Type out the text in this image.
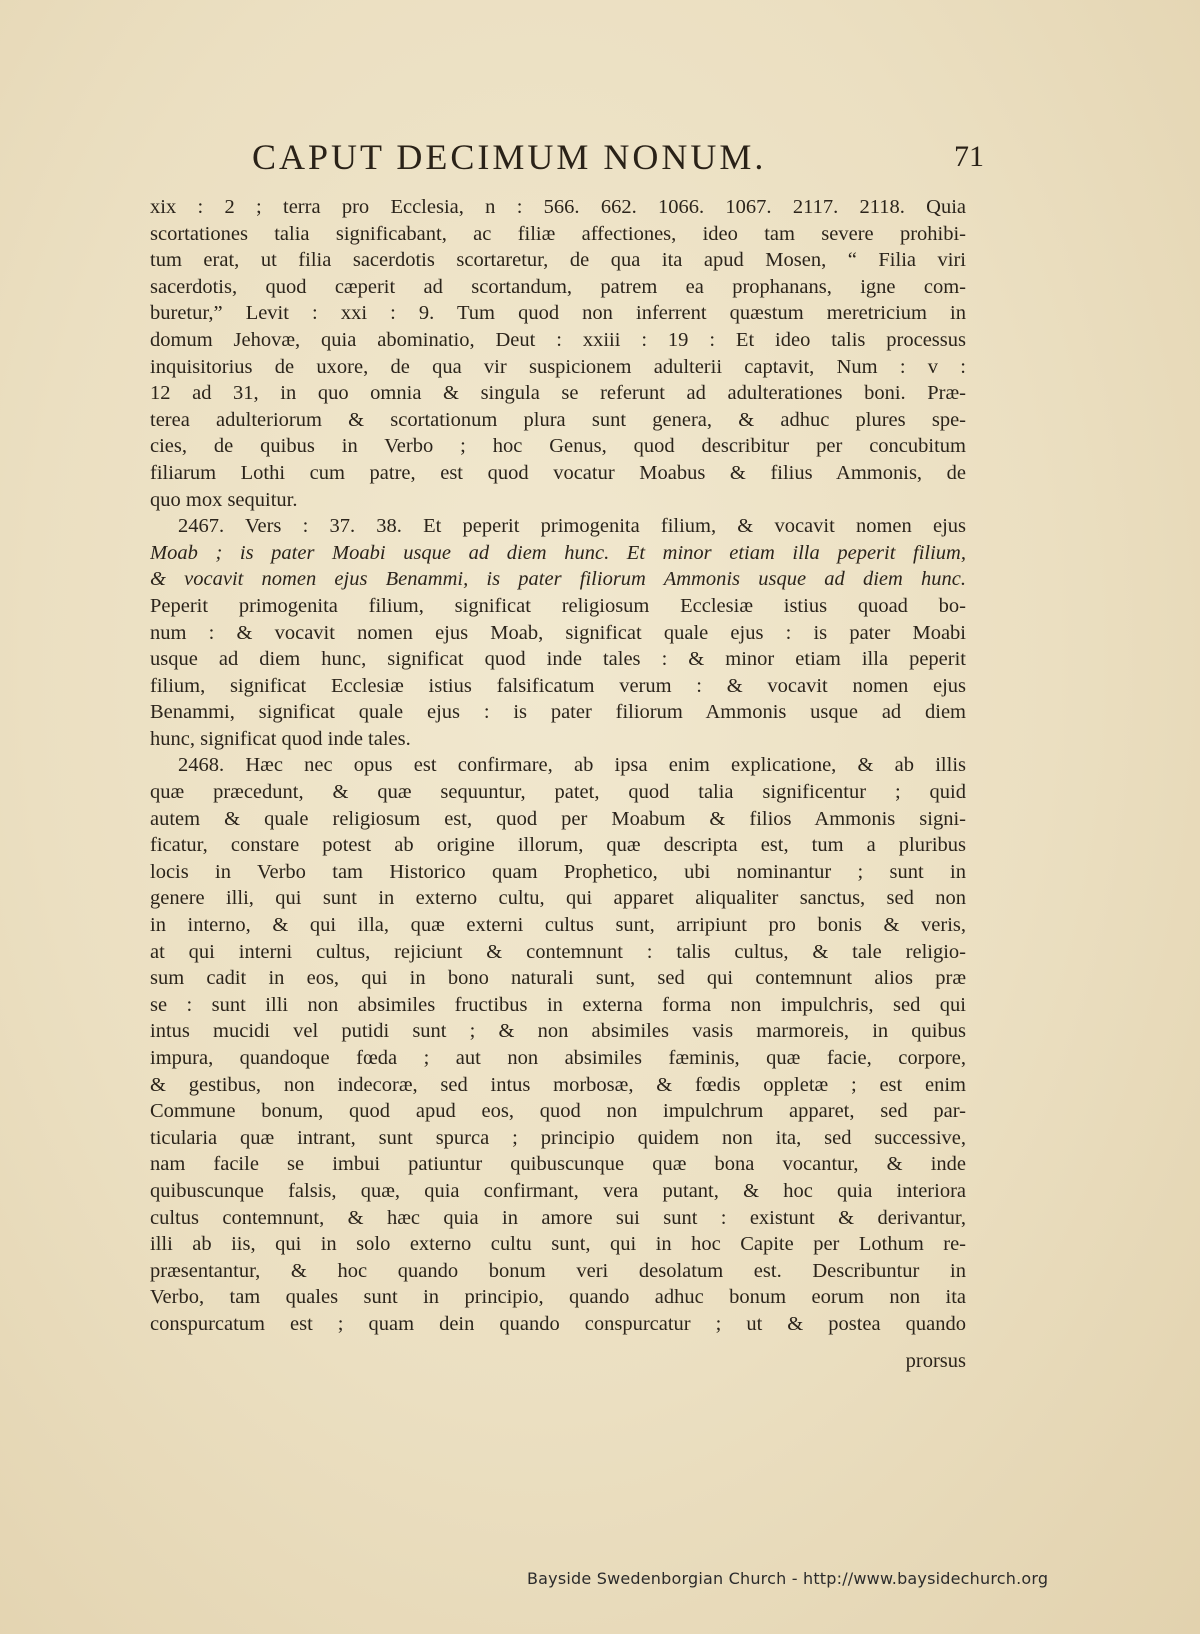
CAPUT DECIMUM NONUM.	71
xix : 2 ; terra pro Ecclesia, n : 566. 662. 1066. 1067. 2117. 2118. Quia
scortationes talia significabant, ac filiæ affectiones, ideo tam severe prohibi-
tum erat, ut filia sacerdotis scortaretur, de qua ita apud Mosen, “ Filia viri
sacerdotis, quod cæperit ad scortandum, patrem ea prophanans, igne com-
buretur,” Levit : xxi : 9. Tum quod non inferrent quæstum meretricium in
domum Jehovæ, quia abominatio, Deut : xxiii : 19 : Et ideo talis processus
inquisitorius de uxore, de qua vir suspicionem adulterii captavit, Num : v :
12 ad 31, in quo omnia & singula se referunt ad adulterationes boni. Præ-
terea adulteriorum & scortationum plura sunt genera, & adhuc plures spe-
cies, de quibus in Verbo ; hoc Genus, quod describitur per concubitum
filiarum Lothi cum patre, est quod vocatur Moabus & filius Ammonis, de
quo mox sequitur.
2467. Vers : 37. 38. Et peperit primogenita filium, & vocavit nomen ejus
Moab ; is pater Moabi usque ad diem hunc. Et minor etiam illa peperit filium,
& vocavit nomen ejus Benammi, is pater filiorum Ammonis usque ad diem hunc.
Peperit primogenita filium, significat religiosum Ecclesiæ istius quoad bo-
num : & vocavit nomen ejus Moab, significat quale ejus : is pater Moabi
usque ad diem hunc, significat quod inde tales : & minor etiam illa peperit
filium, significat Ecclesiæ istius falsificatum verum : & vocavit nomen ejus
Benammi, significat quale ejus : is pater filiorum Ammonis usque ad diem
hunc, significat quod inde tales.
2468. Hæc nec opus est confirmare, ab ipsa enim explicatione, & ab illis
quæ præcedunt, & quæ sequuntur, patet, quod talia significentur ; quid
autem & quale religiosum est, quod per Moabum & filios Ammonis signi-
ficatur, constare potest ab origine illorum, quæ descripta est, tum a pluribus
locis in Verbo tam Historico quam Prophetico, ubi nominantur ; sunt in
genere illi, qui sunt in externo cultu, qui apparet aliqualiter sanctus, sed non
in interno, & qui illa, quæ externi cultus sunt, arripiunt pro bonis & veris,
at qui interni cultus, rejiciunt & contemnunt : talis cultus, & tale religio-
sum cadit in eos, qui in bono naturali sunt, sed qui contemnunt alios præ
se : sunt illi non absimiles fructibus in externa forma non impulchris, sed qui
intus mucidi vel putidi sunt ; & non absimiles vasis marmoreis, in quibus
impura, quandoque fœda ; aut non absimiles fæminis, quæ facie, corpore,
& gestibus, non indecoræ, sed intus morbosæ, & fœdis oppletæ ; est enim
Commune bonum, quod apud eos, quod non impulchrum apparet, sed par-
ticularia quæ intrant, sunt spurca ; principio quidem non ita, sed successive,
nam facile se imbui patiuntur quibuscunque quæ bona vocantur, & inde
quibuscunque falsis, quæ, quia confirmant, vera putant, & hoc quia interiora
cultus contemnunt, & hæc quia in amore sui sunt : existunt & derivantur,
illi ab iis, qui in solo externo cultu sunt, qui in hoc Capite per Lothum re-
præsentantur, & hoc quando bonum veri desolatum est. Describuntur in
Verbo, tam quales sunt in principio, quando adhuc bonum eorum non ita
conspurcatum est ; quam dein quando conspurcatur ; ut & postea quando
prorsus
Bayside Swedenborgian Church - http://www.baysidechurch.org
